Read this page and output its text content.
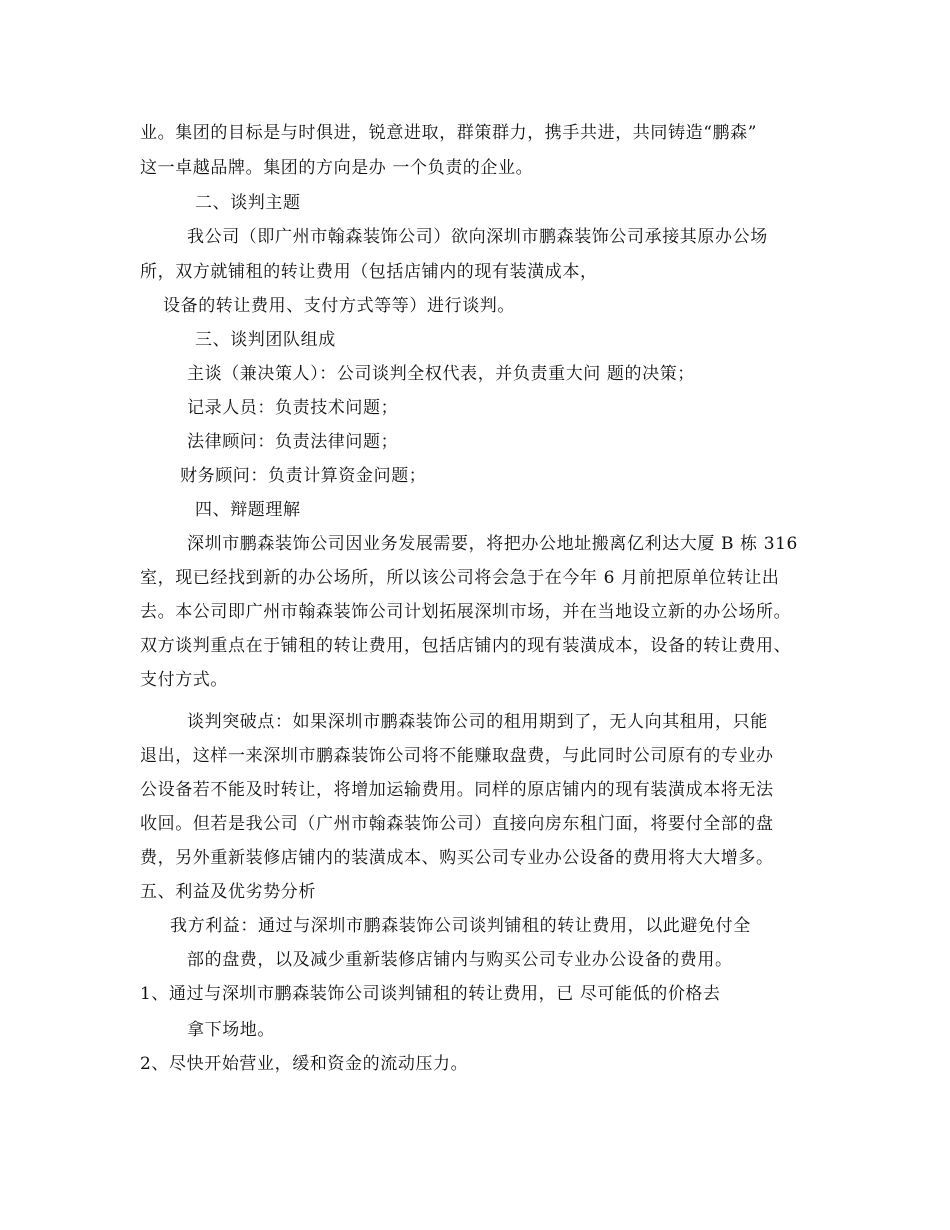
业。集团的目标是与时俱进，锐意进取，群策群力，携手共进，共同铸造“鹏森”
这一卓越品牌。集团的方向是办 一个负责的企业。
二、谈判主题
我公司（即广州市翰森装饰公司）欲向深圳市鹏森装饰公司承接其原办公场
所，双方就铺租的转让费用（包括店铺内的现有装潢成本，
设备的转让费用、支付方式等等）进行谈判。
三、谈判团队组成
主谈（兼决策人）：公司谈判全权代表，并负责重大问 题的决策；
记录人员：负责技术问题；
法律顾问：负责法律问题；
财务顾问：负责计算资金问题；
四、辩题理解
深圳市鹏森装饰公司因业务发展需要，将把办公地址搬离亿利达大厦 B 栋 316
室，现已经找到新的办公场所，所以该公司将会急于在今年 6 月前把原单位转让出
去。本公司即广州市翰森装饰公司计划拓展深圳市场，并在当地设立新的办公场所。
双方谈判重点在于铺租的转让费用，包括店铺内的现有装潢成本，设备的转让费用、
支付方式。
谈判突破点：如果深圳市鹏森装饰公司的租用期到了，无人向其租用，只能
退出，这样一来深圳市鹏森装饰公司将不能赚取盘费，与此同时公司原有的专业办
公设备若不能及时转让，将增加运输费用。同样的原店铺内的现有装潢成本将无法
收回。但若是我公司（广州市翰森装饰公司）直接向房东租门面，将要付全部的盘
费，另外重新装修店铺内的装潢成本、购买公司专业办公设备的费用将大大增多。
五、利益及优劣势分析
我方利益：通过与深圳市鹏森装饰公司谈判铺租的转让费用，以此避免付全
部的盘费，以及减少重新装修店铺内与购买公司专业办公设备的费用。
1、通过与深圳市鹏森装饰公司谈判铺租的转让费用，已 尽可能低的价格去
拿下场地。
2、尽快开始营业，缓和资金的流动压力。
